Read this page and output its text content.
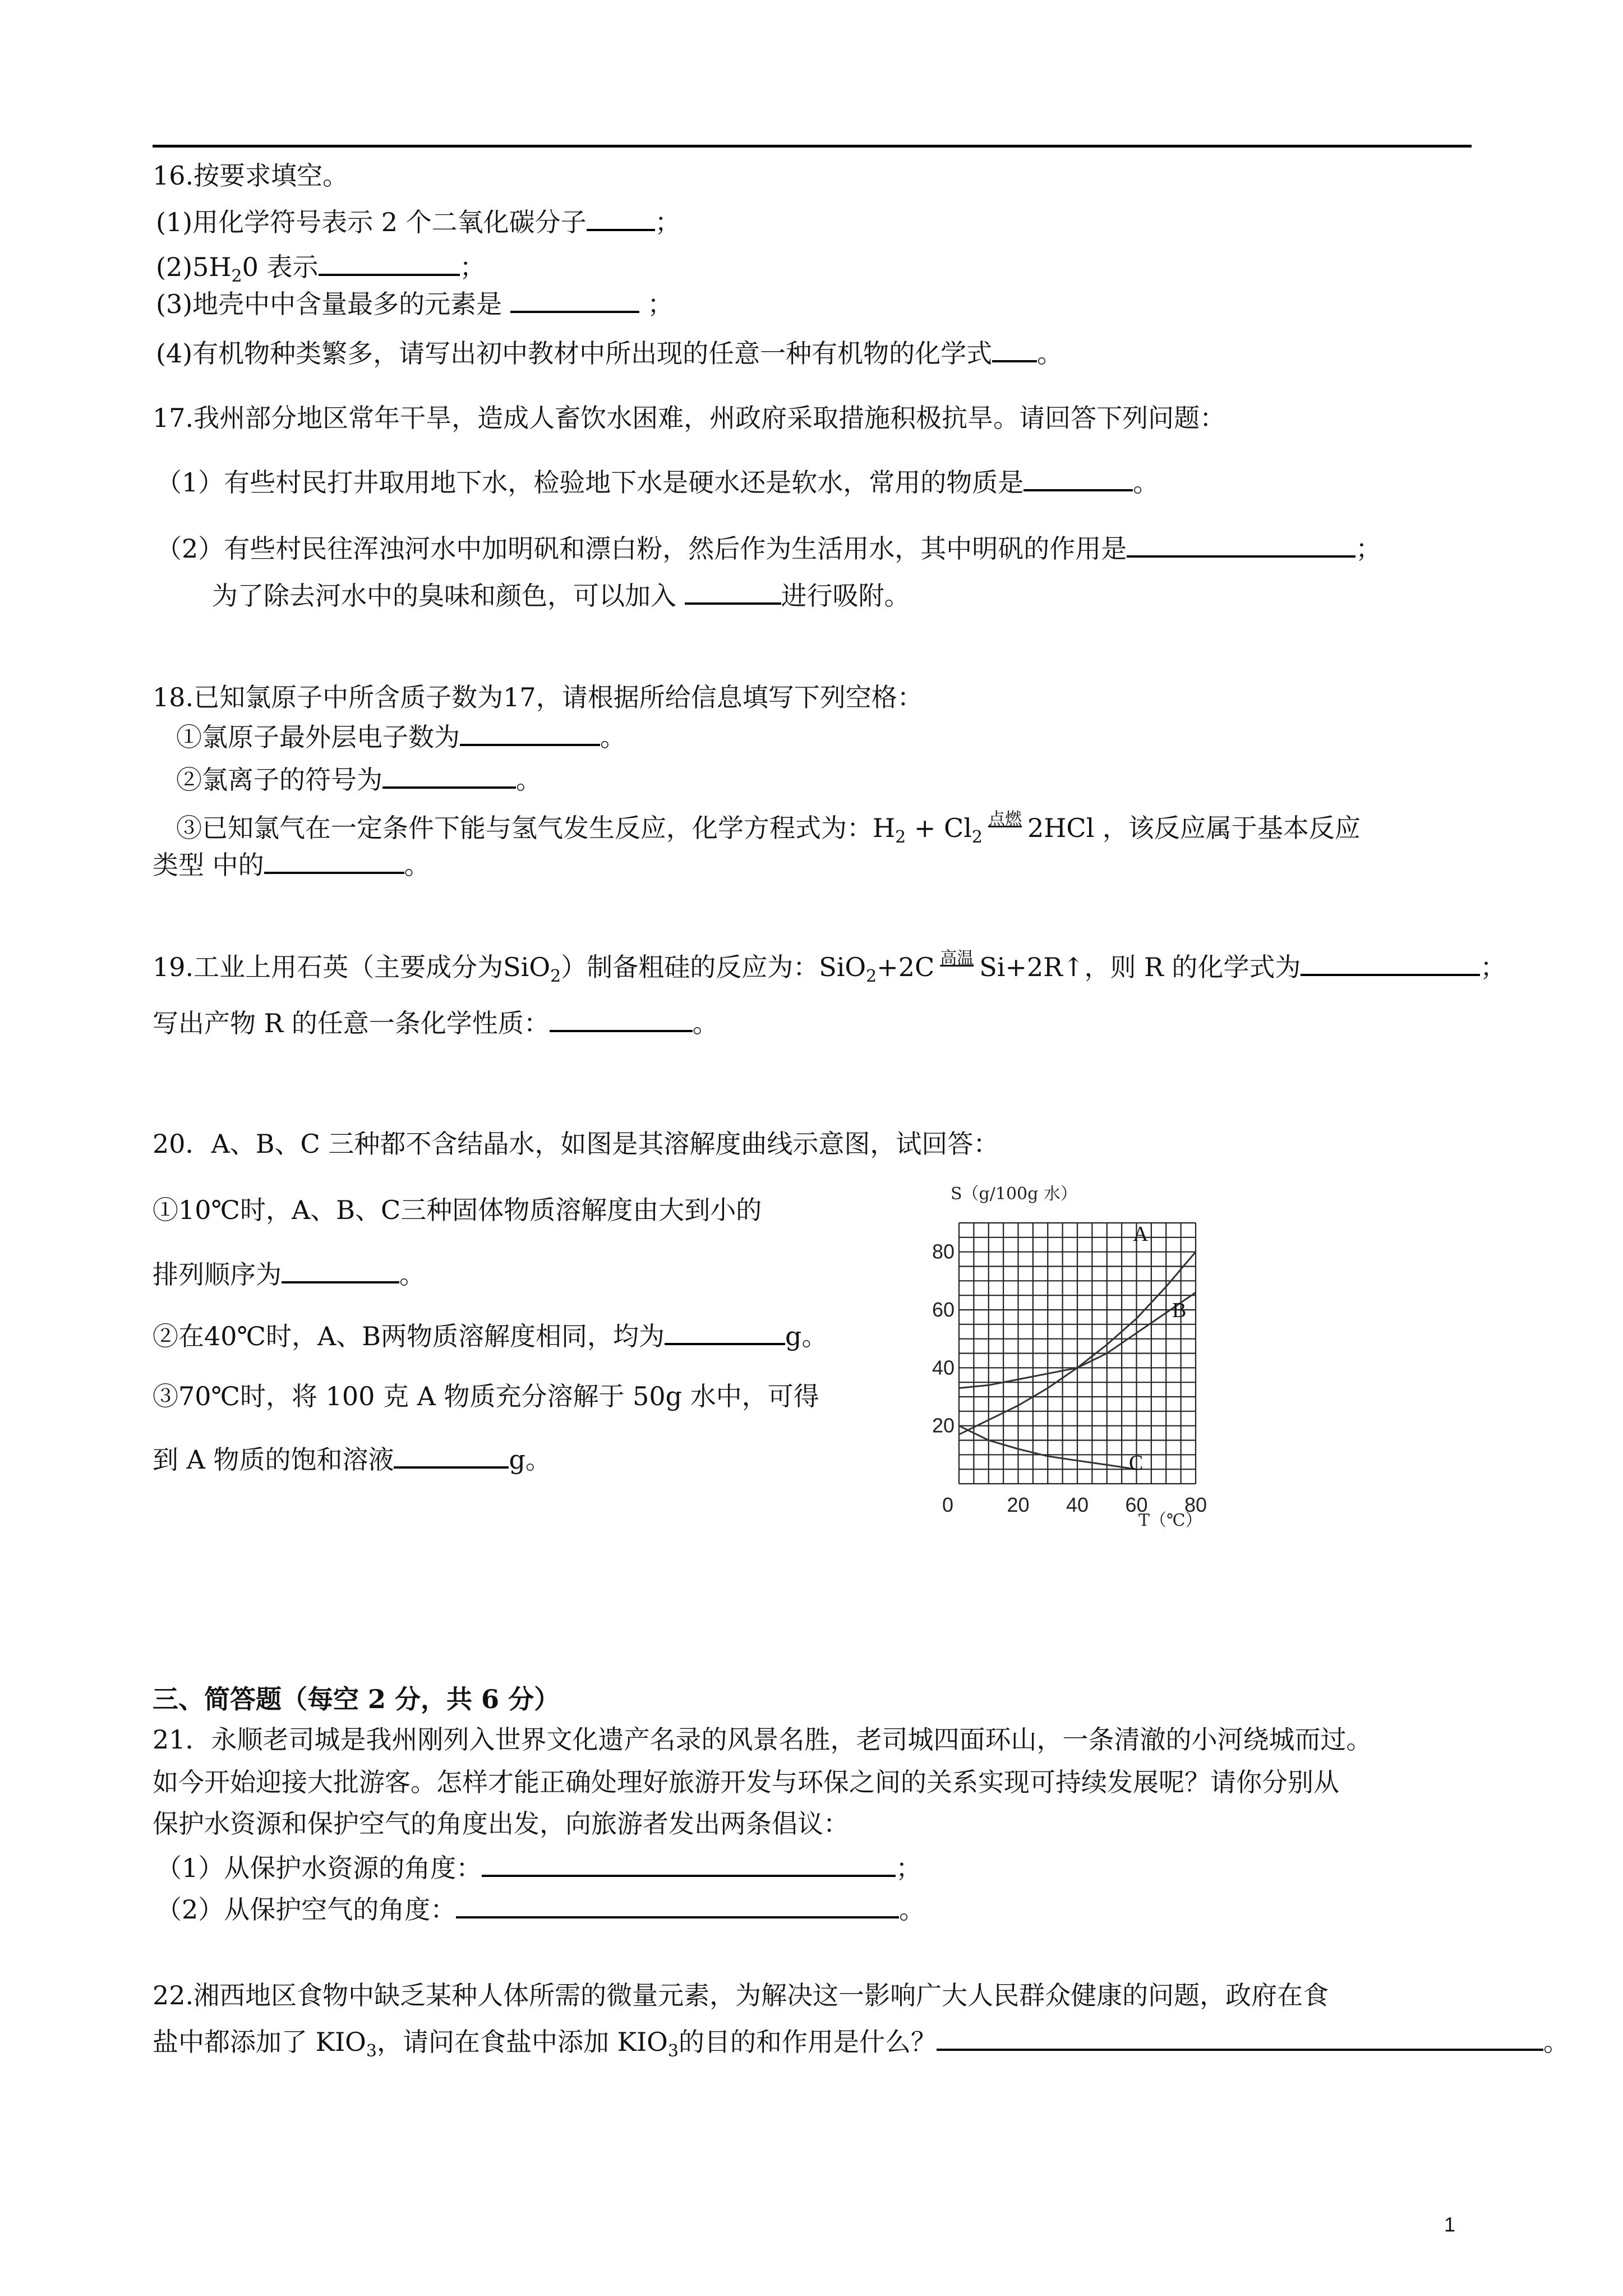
16.按要求填空。
(1)用化学符号表示 2 个二氧化碳分子	；
$(2)5H_20$ 表示	；
(3)地壳中中含量最多的元素是	；
(4)有机物种类繁多，请写出初中教材中所出现的任意一种有机物的化学式 。
17.我州部分地区常年干旱，造成人畜饮水困难，州政府采取措施积极抗旱。请回答下列问题：
（1）有些村民打井取用地下水，检验地下水是硬水还是软水，常用的物质是	。
（2）有些村民往浑浊河水中加明矾和漂白粉，然后作为生活用水，其中明矾的作用是	；
为了除去河水中的臭味和颜色，可以加入	进行吸附。
18.已知氯原子中所含质子数为17，请根据所给信息填写下列空格：
①氯原子最外层电子数为	。
②氯离子的符号为	。
③已知氯气在一定条件下能与氢气发生反应，化学方程式为：$H_2 + Cl_2$点燃 2HCl ，该反应属于基本反应
类型 中的	。
19.工业上用石英（主要成分为SiO$_2$）制备粗硅的反应为：SiO$_2$+2C 高温 Si+2R↑，则 R 的化学式为	；
写出产物 R 的任意一条化学性质：	。
20．A、B、C 三种都不含结晶水，如图是其溶解度曲线示意图，试回答：
①10℃时，A、B、C三种固体物质溶解度由大到小的
排列顺序为	。
②在40℃时，A、B两物质溶解度相同，均为	g。
③70℃时，将 100 克 A 物质充分溶解于 50g 水中，可得
到 A 物质的饱和溶液	g。
A
B
C
20
40
60
80
0	20 40 60 80
S（g/100g 水）
T（℃）
三、简答题（每空 2 分，共 6 分）
21．永顺老司城是我州刚列入世界文化遗产名录的风景名胜，老司城四面环山，一条清澈的小河绕城而过。
如今开始迎接大批游客。怎样才能正确处理好旅游开发与环保之间的关系实现可持续发展呢？请你分别从
保护水资源和保护空气的角度出发，向旅游者发出两条倡议：
（1）从保护水资源的角度：	；
（2）从保护空气的角度：	。
22.湘西地区食物中缺乏某种人体所需的微量元素，为解决这一影响广大人民群众健康的问题，政府在食
盐中都添加了 $KIO_3$，请问在食盐中添加 $KIO_3$的目的和作用是什么？	。
1
